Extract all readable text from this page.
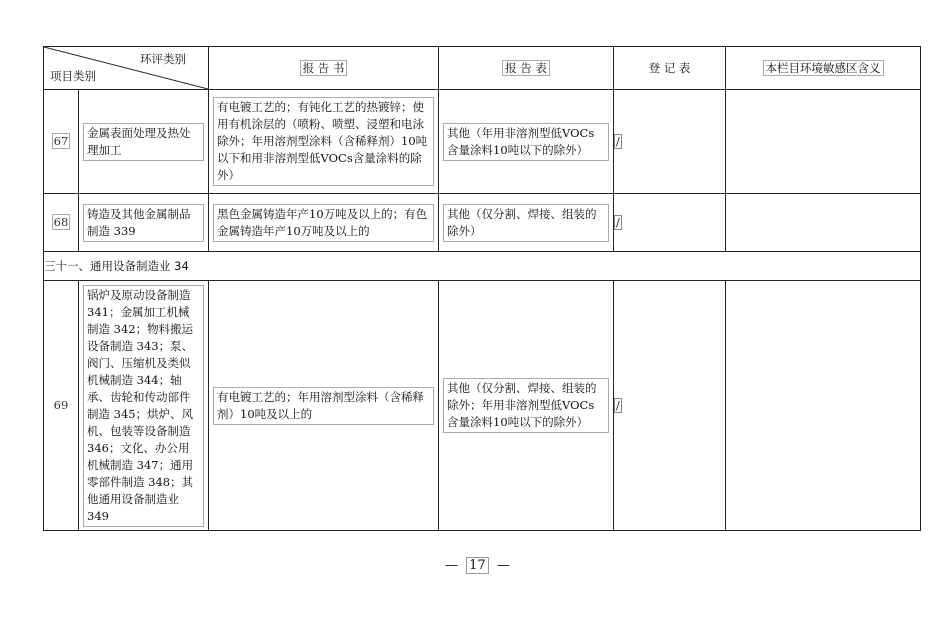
环评类别
项目类别		报 告 书	报 告 表	登 记 表	本栏目环境敏感区含义
67	金属表面处理及热处理加工	有电镀工艺的；有钝化工艺的热镀锌；使用有机涂层的（喷粉、喷塑、浸塑和电泳除外；年用溶剂型涂料（含稀释剂）10吨以下和用非溶剂型低VOCs含量涂料的除外）	其他（年用非溶剂型低VOCs含量涂料10吨以下的除外）	/	
68	铸造及其他金属制品制造 339	黑色金属铸造年产10万吨及以上的；有色金属铸造年产10万吨及以上的	其他（仅分割、焊接、组装的除外）	/	
三十一、通用设备制造业 34					
69	锅炉及原动设备制造 341；金属加工机械制造 342；物料搬运设备制造 343；泵、阀门、压缩机及类似机械制造 344；轴承、齿轮和传动部件制造 345；烘炉、风机、包装等设备制造 346；文化、办公用机械制造 347；通用零部件制造 348；其他通用设备制造业 349	有电镀工艺的；年用溶剂型涂料（含稀释剂）10吨及以上的	其他（仅分割、焊接、组装的除外；年用非溶剂型低VOCs含量涂料10吨以下的除外）	/	
— 17 —
